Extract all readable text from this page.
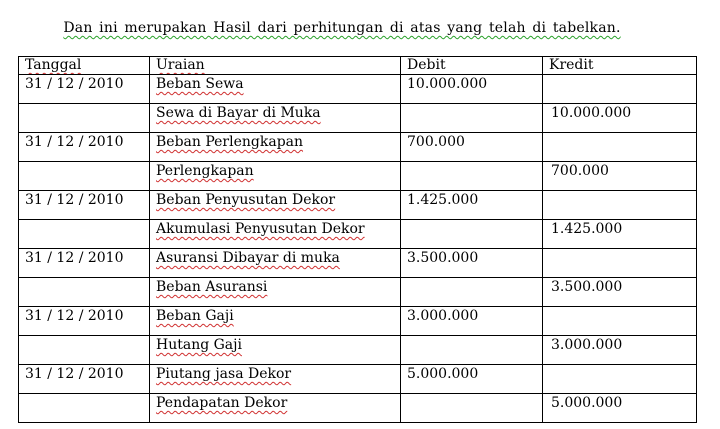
Dan ini merupakan Hasil dari perhitungan di atas yang telah di tabelkan.
Tanggal	Uraian	Debit	Kredit
31 / 12 / 2010	Beban Sewa	10.000.000	
	Sewa di Bayar di Muka		10.000.000
31 / 12 / 2010	Beban Perlengkapan	700.000	
	Perlengkapan		700.000
31 / 12 / 2010	Beban Penyusutan Dekor	1.425.000	
	Akumulasi Penyusutan Dekor		1.425.000
31 / 12 / 2010	Asuransi Dibayar di muka	3.500.000	
	Beban Asuransi		3.500.000
31 / 12 / 2010	Beban Gaji	3.000.000	
	Hutang Gaji		3.000.000
31 / 12 / 2010	Piutang jasa Dekor	5.000.000	
	Pendapatan Dekor		5.000.000
